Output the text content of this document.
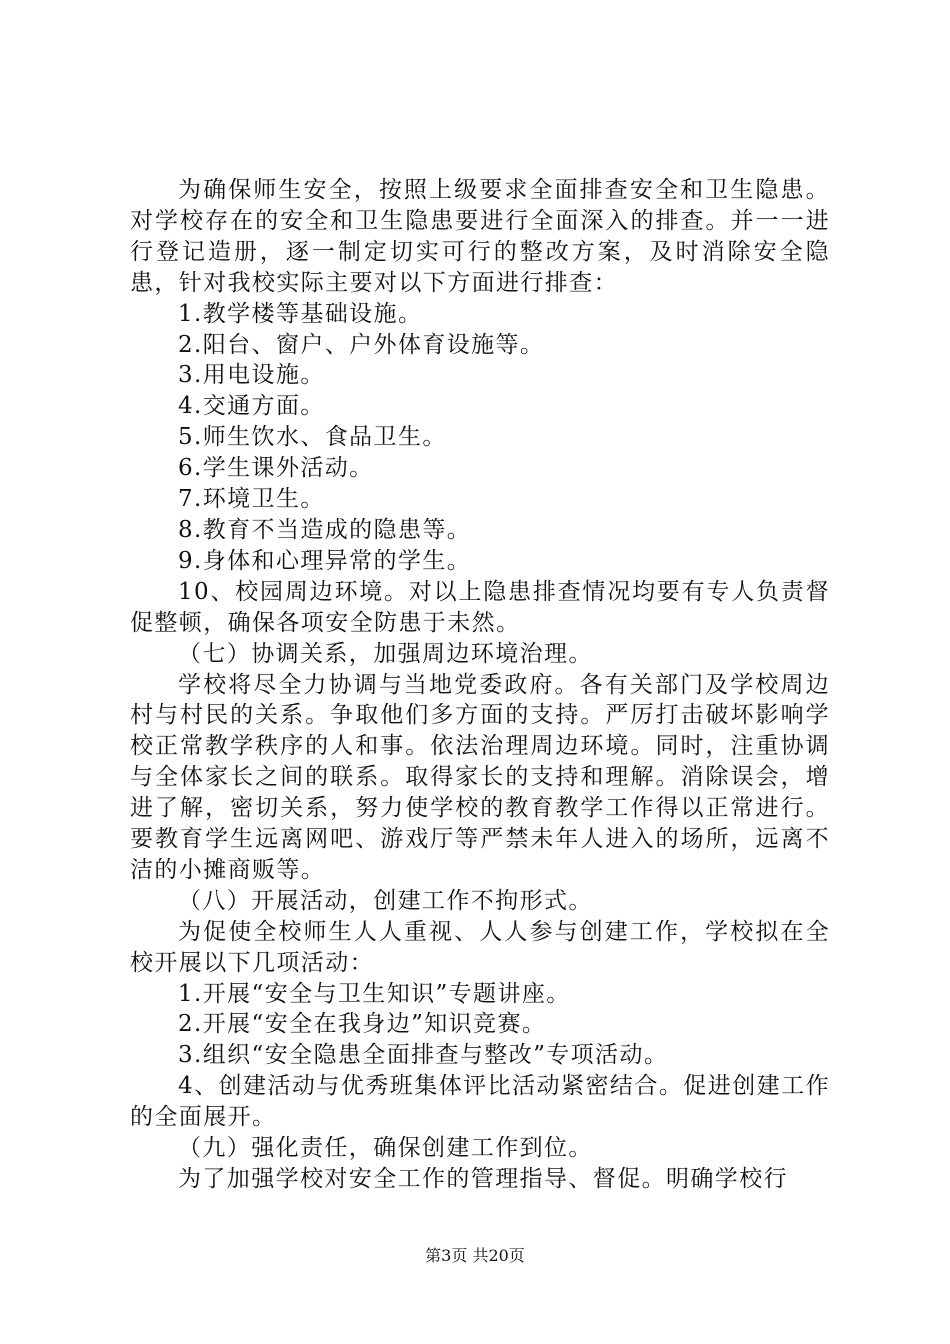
为确保师生安全，按照上级要求全面排查安全和卫生隐患。对学校存在的安全和卫生隐患要进行全面深入的排查。并一一进行登记造册，逐一制定切实可行的整改方案，及时消除安全隐患，针对我校实际主要对以下方面进行排查：

1.教学楼等基础设施。

2.阳台、窗户、户外体育设施等。

3.用电设施。

4.交通方面。

5.师生饮水、食品卫生。

6.学生课外活动。

7.环境卫生。

8.教育不当造成的隐患等。

9.身体和心理异常的学生。

10、校园周边环境。对以上隐患排查情况均要有专人负责督促整顿，确保各项安全防患于未然。

（七）协调关系，加强周边环境治理。

学校将尽全力协调与当地党委政府。各有关部门及学校周边村与村民的关系。争取他们多方面的支持。严厉打击破坏影响学校正常教学秩序的人和事。依法治理周边环境。同时，注重协调与全体家长之间的联系。取得家长的支持和理解。消除误会，增进了解，密切关系，努力使学校的教育教学工作得以正常进行。要教育学生远离网吧、游戏厅等严禁未年人进入的场所，远离不洁的小摊商贩等。

（八）开展活动，创建工作不拘形式。

为促使全校师生人人重视、人人参与创建工作，学校拟在全校开展以下几项活动：

1.开展“安全与卫生知识”专题讲座。

2.开展“安全在我身边”知识竞赛。

3.组织“安全隐患全面排查与整改”专项活动。

4、创建活动与优秀班集体评比活动紧密结合。促进创建工作的全面展开。

（九）强化责任，确保创建工作到位。

为了加强学校对安全工作的管理指导、督促。明确学校行

第3页 共20页
